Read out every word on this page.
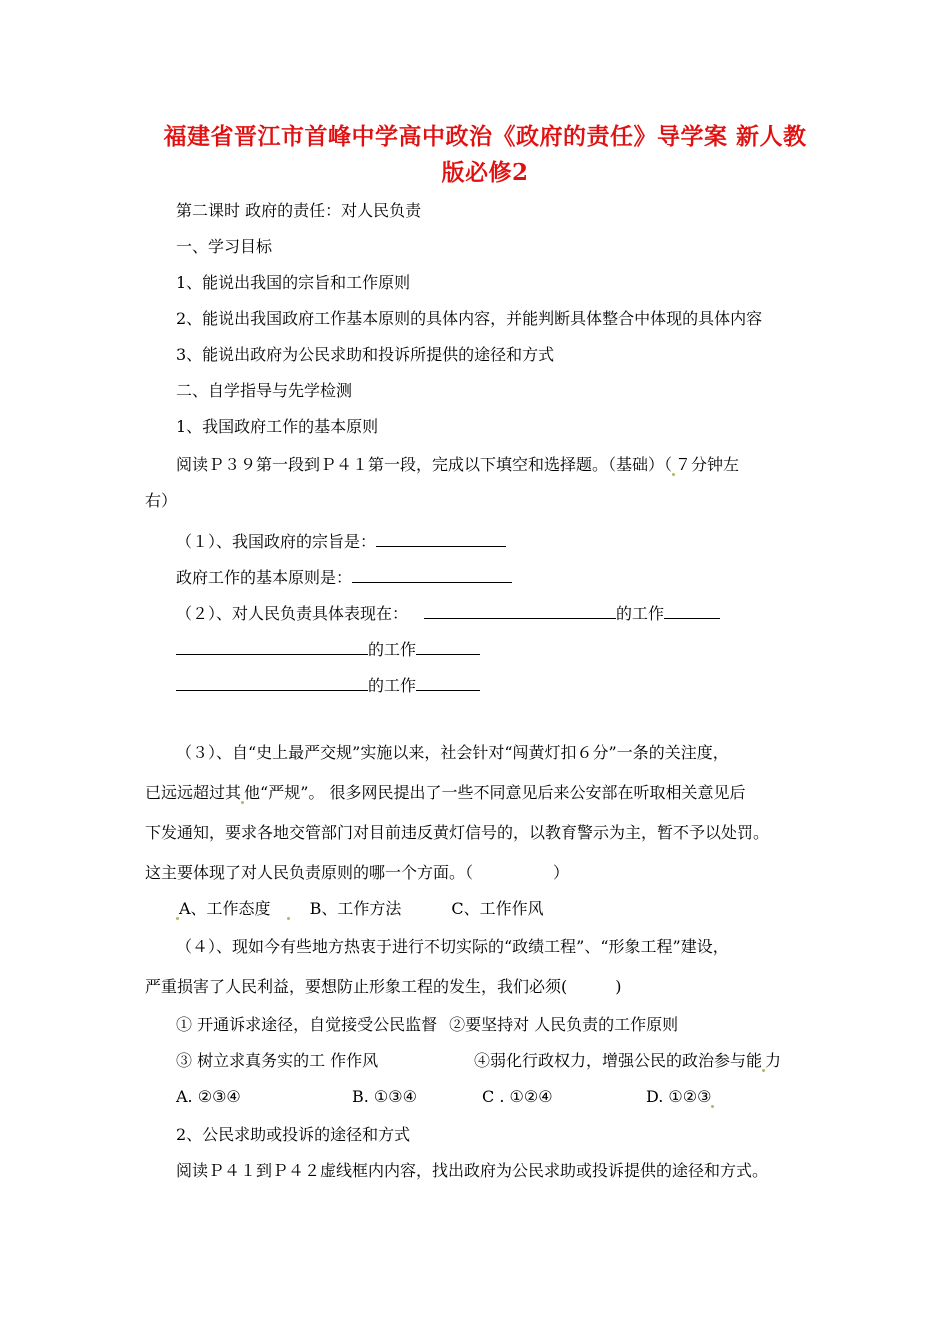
福建省晋江市首峰中学高中政治《政府的责任》导学案 新人教
版必修2
第二课时 政府的责任：对人民负责
一、学习目标
1、能说出我国的宗旨和工作原则
2、能说出我国政府工作基本原则的具体内容，并能判断具体整合中体现的具体内容
3、能说出政府为公民求助和投诉所提供的途径和方式
二、自学指导与先学检测
1、我国政府工作的基本原则
阅读Ｐ３９第一段到Ｐ４１第一段，完成以下填空和选择题。（基础）（ ７分钟左
右）
（１）、我国政府的宗旨是：
政府工作的基本原则是：
（２）、对人民负责具体表现在：	的工作
的工作
的工作
（３）、自“史上最严交规”实施以来，社会针对“闯黄灯扣６分”一条的关注度，
已远远超过其 他“严规”。 很多网民提出了一些不同意见后来公安部在听取相关意见后
下发通知，要求各地交管部门对目前违反黄灯信号的，以教育警示为主，暂不予以处罚。
这主要体现了对人民负责原则的哪一个方面。（　　　　　）
A、工作态度 B、工作方法	C、工作作风
（４）、现如今有些地方热衷于进行不切实际的“政绩工程”、“形象工程”建设，
严重损害了人民利益，要想防止形象工程的发生，我们必须(　　　)
① 开通诉求途径，自觉接受公民监督 ②要坚持对 人民负责的工作原则
③ 树立求真务实的工 作作风	④弱化行政权力，增强公民的政治参与能 力
A. ②③④	B. ①③④	C . ①②④	D. ①②③
2、公民求助或投诉的途径和方式
阅读Ｐ４１到Ｐ４２虚线框内内容，找出政府为公民求助或投诉提供的途径和方式。
